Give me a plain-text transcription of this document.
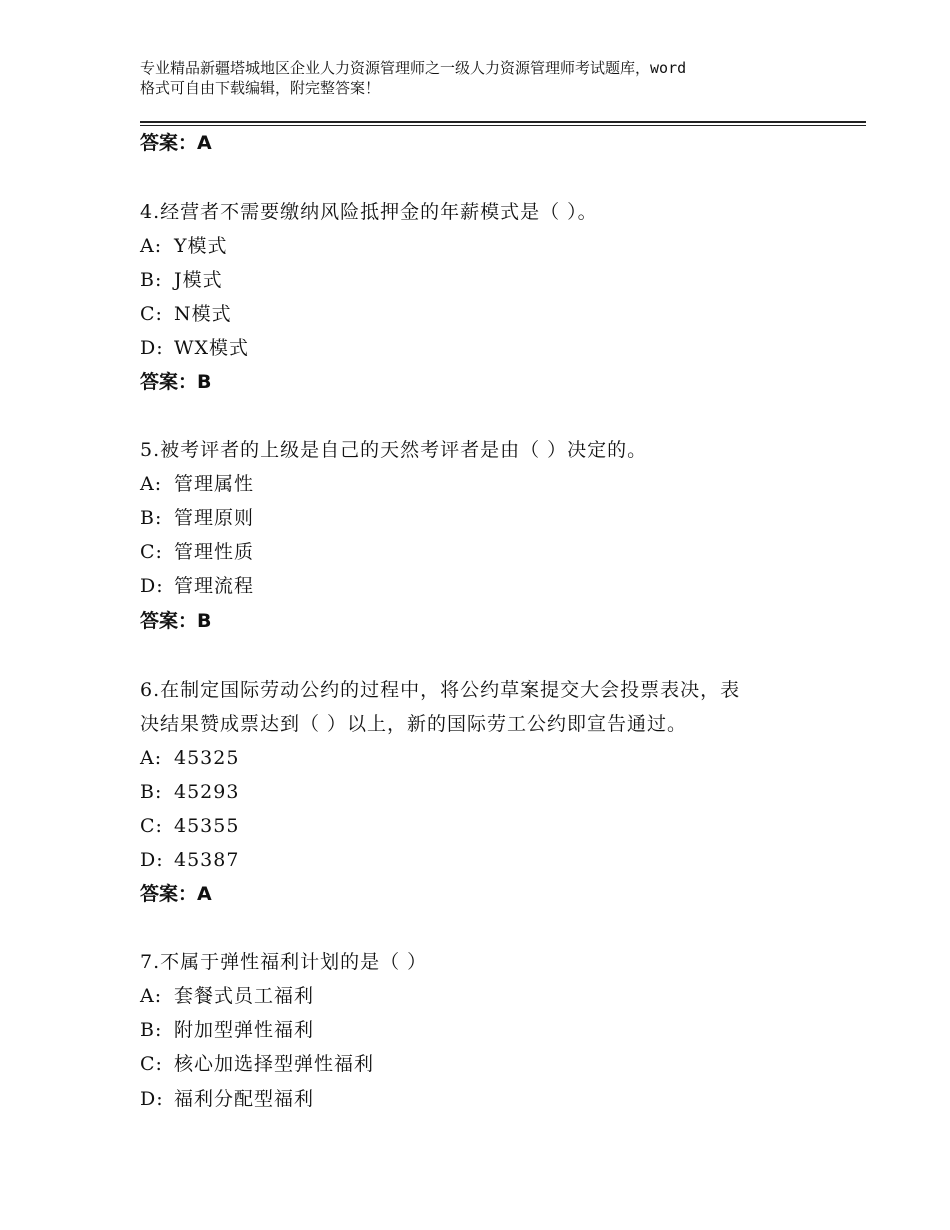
专业精品新疆塔城地区企业人力资源管理师之一级人力资源管理师考试题库，word
格式可自由下载编辑，附完整答案！
答案：A
4.经营者不需要缴纳风险抵押金的年薪模式是（ ）。
A: Y模式
B: J模式
C: N模式
D: WX模式
答案：B
5.被考评者的上级是自己的天然考评者是由（ ）决定的。
A: 管理属性
B: 管理原则
C: 管理性质
D: 管理流程
答案：B
6.在制定国际劳动公约的过程中，将公约草案提交大会投票表决，表
决结果赞成票达到（ ）以上，新的国际劳工公约即宣告通过。
A: 45325
B: 45293
C: 45355
D: 45387
答案：A
7.不属于弹性福利计划的是（ ）
A: 套餐式员工福利
B: 附加型弹性福利
C: 核心加选择型弹性福利
D: 福利分配型福利
